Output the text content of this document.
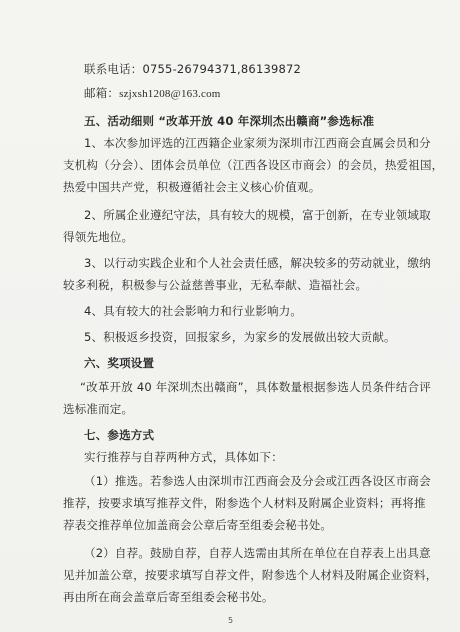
联系电话：0755-26794371,86139872
邮箱：szjxsh1208@163.com
五、活动细则 “改革开放 40 年深圳杰出赣商”参选标准
1、本次参加评选的江西籍企业家须为深圳市江西商会直属会员和分
支机构（分会）、团体会员单位（江西各设区市商会）的会员，热爱祖国，
热爱中国共产党，积极遵循社会主义核心价值观。
2、所属企业遵纪守法，具有较大的规模，富于创新，在专业领域取
得领先地位。
3、以行动实践企业和个人社会责任感，解决较多的劳动就业，缴纳
较多利税，积极参与公益慈善事业，无私奉献、造福社会。
4、具有较大的社会影响力和行业影响力。
5、积极返乡投资，回报家乡，为家乡的发展做出较大贡献。
六、奖项设置
“改革开放 40 年深圳杰出赣商”，具体数量根据参选人员条件结合评
选标准而定。
七、参选方式
实行推荐与自荐两种方式，具体如下：
（1）推选。若参选人由深圳市江西商会及分会或江西各设区市商会
推荐，按要求填写推荐文件，附参选个人材料及附属企业资料；再将推
荐表交推荐单位加盖商会公章后寄至组委会秘书处。
（2）自荐。鼓励自荐，自荐人选需由其所在单位在自荐表上出具意
见并加盖公章，按要求填写自荐文件，附参选个人材料及附属企业资料，
再由所在商会盖章后寄至组委会秘书处。
5
